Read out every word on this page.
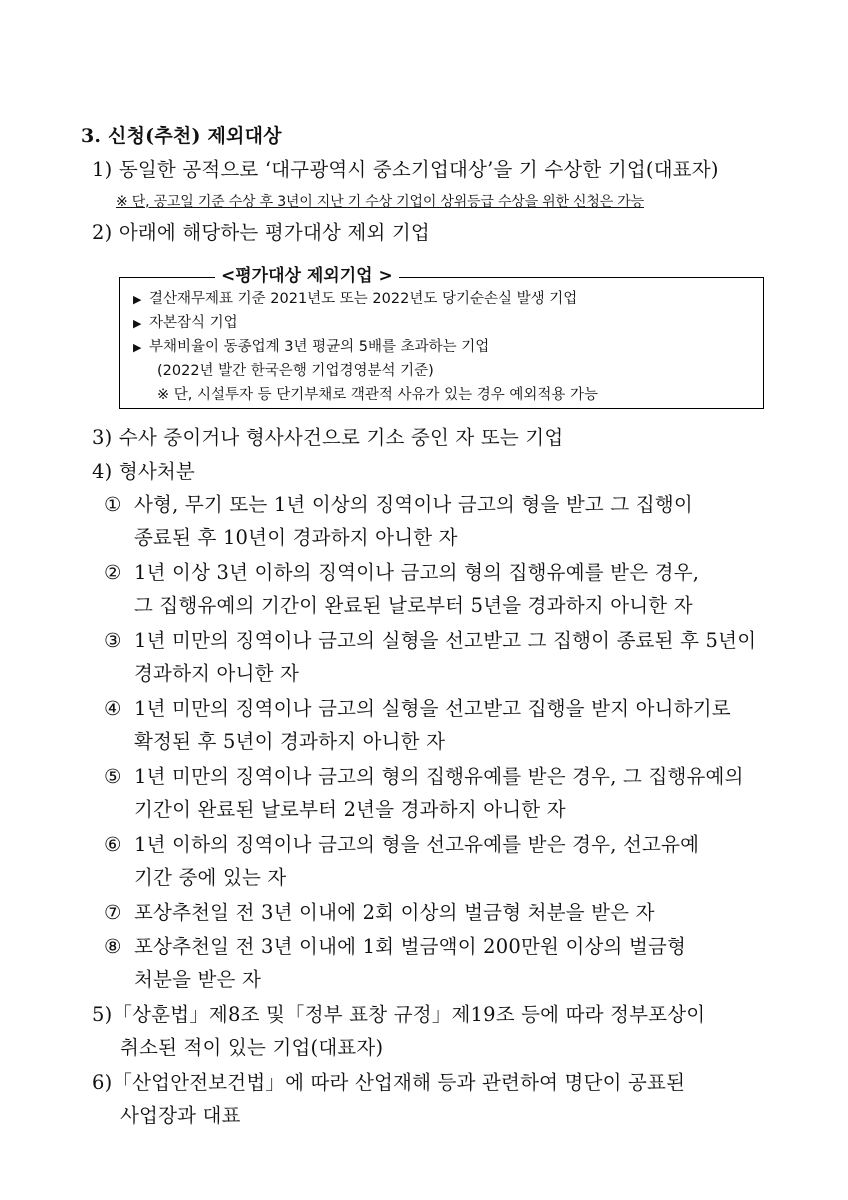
3. 신청(추천) 제외대상
1) 동일한 공적으로 ‘대구광역시 중소기업대상’을 기 수상한 기업(대표자)
※ 단, 공고일 기준 수상 후 3년이 지난 기 수상 기업이 상위등급 수상을 위한 신청은 가능
2) 아래에 해당하는 평가대상 제외 기업
<평가대상 제외기업 >
▶ 결산재무제표 기준 2021년도 또는 2022년도 당기순손실 발생 기업
▶ 자본잠식 기업
▶ 부채비율이 동종업계 3년 평균의 5배를 초과하는 기업
(2022년 발간 한국은행 기업경영분석 기준)
※ 단, 시설투자 등 단기부채로 객관적 사유가 있는 경우 예외적용 가능
3) 수사 중이거나 형사사건으로 기소 중인 자 또는 기업
4) 형사처분
① 사형, 무기 또는 1년 이상의 징역이나 금고의 형을 받고 그 집행이
종료된 후 10년이 경과하지 아니한 자
② 1년 이상 3년 이하의 징역이나 금고의 형의 집행유예를 받은 경우,
그 집행유예의 기간이 완료된 날로부터 5년을 경과하지 아니한 자
③ 1년 미만의 징역이나 금고의 실형을 선고받고 그 집행이 종료된 후 5년이
경과하지 아니한 자
④ 1년 미만의 징역이나 금고의 실형을 선고받고 집행을 받지 아니하기로
확정된 후 5년이 경과하지 아니한 자
⑤ 1년 미만의 징역이나 금고의 형의 집행유예를 받은 경우, 그 집행유예의
기간이 완료된 날로부터 2년을 경과하지 아니한 자
⑥ 1년 이하의 징역이나 금고의 형을 선고유예를 받은 경우, 선고유예
기간 중에 있는 자
⑦ 포상추천일 전 3년 이내에 2회 이상의 벌금형 처분을 받은 자
⑧ 포상추천일 전 3년 이내에 1회 벌금액이 200만원 이상의 벌금형
처분을 받은 자
5)「상훈법」제8조 및「정부 표창 규정」제19조 등에 따라 정부포상이
취소된 적이 있는 기업(대표자)
6)「산업안전보건법」에 따라 산업재해 등과 관련하여 명단이 공표된
사업장과 대표
